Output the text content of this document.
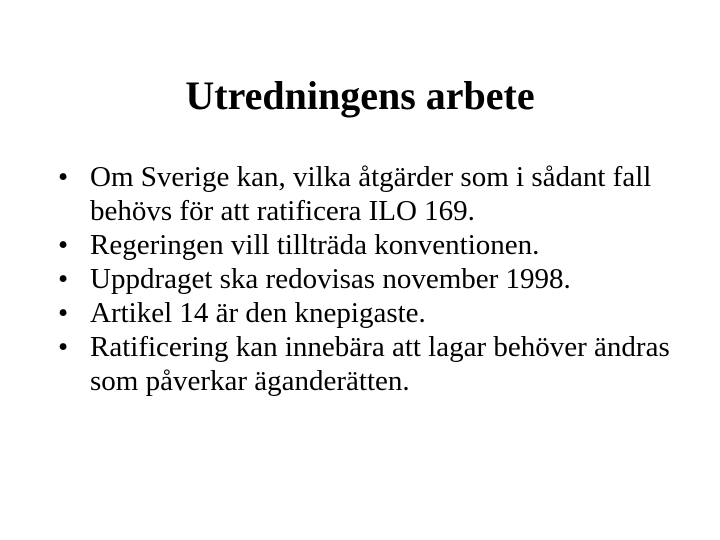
Utredningens arbete
• Om Sverige kan, vilka åtgärder som i sådant fall behövs för att ratificera ILO 169.
• Regeringen vill tillträda konventionen.
• Uppdraget ska redovisas november 1998.
• Artikel 14 är den knepigaste.
• Ratificering kan innebära att lagar behöver ändras som påverkar äganderätten.
